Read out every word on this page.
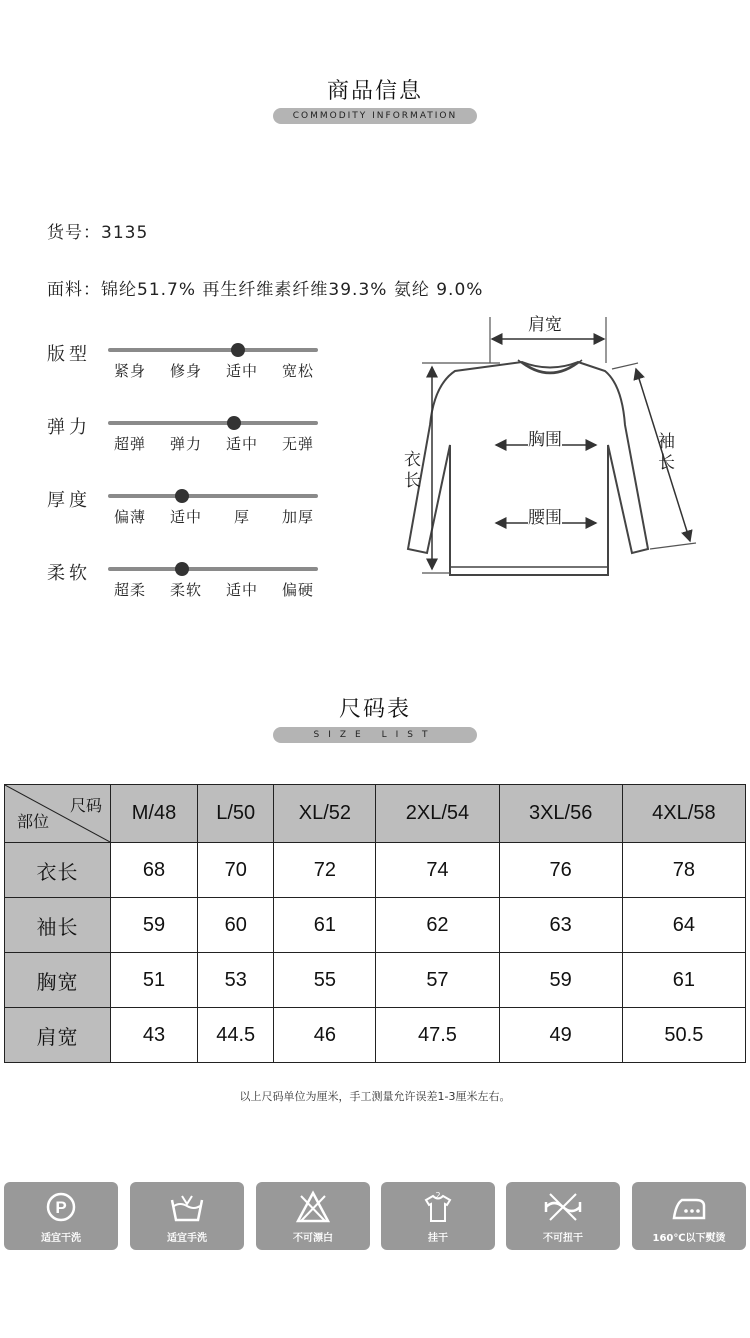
商品信息
COMMODITY INFORMATION
货号：3135
面料：锦纶51.7% 再生纤维素纤维39.3% 氨纶 9.0%
版型
紧身	修身	适中	宽松
弹力
超弹	弹力	适中	无弹
厚度
偏薄	适中	厚	加厚
柔软
超柔	柔软	适中	偏硬
肩宽
胸围
腰围
衣
长
袖
长
尺码表
SIZE LIST
尺码
部位	M/48	L/50	XL/52	2XL/54	3XL/56	4XL/58
衣长	68	70	72	74	76	78
袖长	59	60	61	62	63	64
胸宽	51	53	55	57	59	61
肩宽	43	44.5	46	47.5	49	50.5
以上尺码单位为厘米，手工测量允许误差1-3厘米左右。
P
适宜干洗	适宜手洗	不可漂白
2
挂干	不可扭干	160℃以下熨烫
